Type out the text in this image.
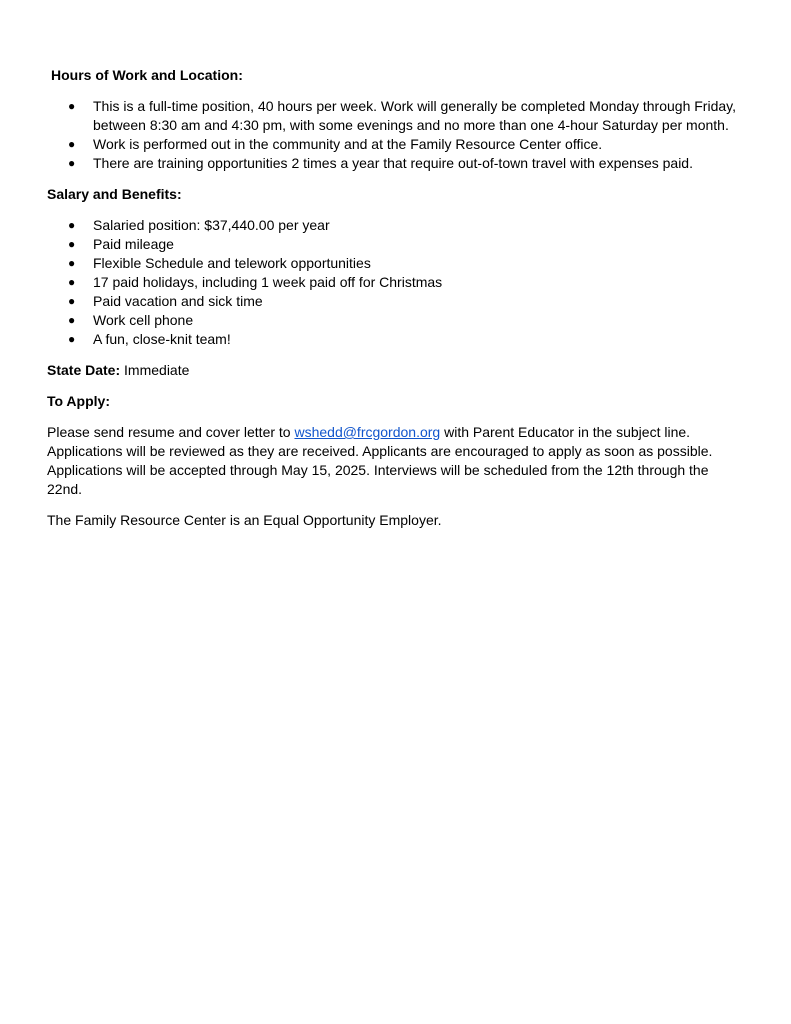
Hours of Work and Location:

● This is a full-time position, 40 hours per week. Work will generally be completed Monday through Friday, between 8:30 am and 4:30 pm, with some evenings and no more than one 4-hour Saturday per month.
● Work is performed out in the community and at the Family Resource Center office.
● There are training opportunities 2 times a year that require out-of-town travel with expenses paid.

Salary and Benefits:

● Salaried position: $37,440.00 per year
● Paid mileage
● Flexible Schedule and telework opportunities
● 17 paid holidays, including 1 week paid off for Christmas
● Paid vacation and sick time
● Work cell phone
● A fun, close-knit team!

State Date: Immediate

To Apply:

Please send resume and cover letter to wshedd@frcgordon.org with Parent Educator in the subject line. Applications will be reviewed as they are received. Applicants are encouraged to apply as soon as possible. Applications will be accepted through May 15, 2025. Interviews will be scheduled from the 12th through the 22nd.

The Family Resource Center is an Equal Opportunity Employer.
